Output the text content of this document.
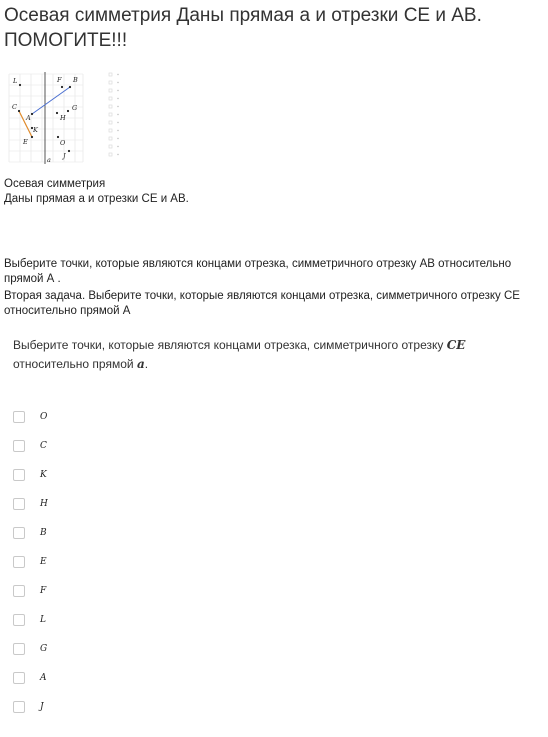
Осевая симметрия Даны прямая а и отрезки CE и AB. ПОМОГИТЕ!!!
L	F B
C
A	H
G
K
E	O
J
a
Осевая симметрия
Даны прямая а и отрезки CE и AB.
Выберите точки, которые являются концами отрезка, симметричного отрезку AB относительно прямой А .
Вторая задача. Выберите точки, которые являются концами отрезка, симметричного отрезку CE относительно прямой А
Выберите точки, которые являются концами отрезка, симметричного отрезку CE
относительно прямой a.
O
C
K
H
B
E
F
L
G
A
J
